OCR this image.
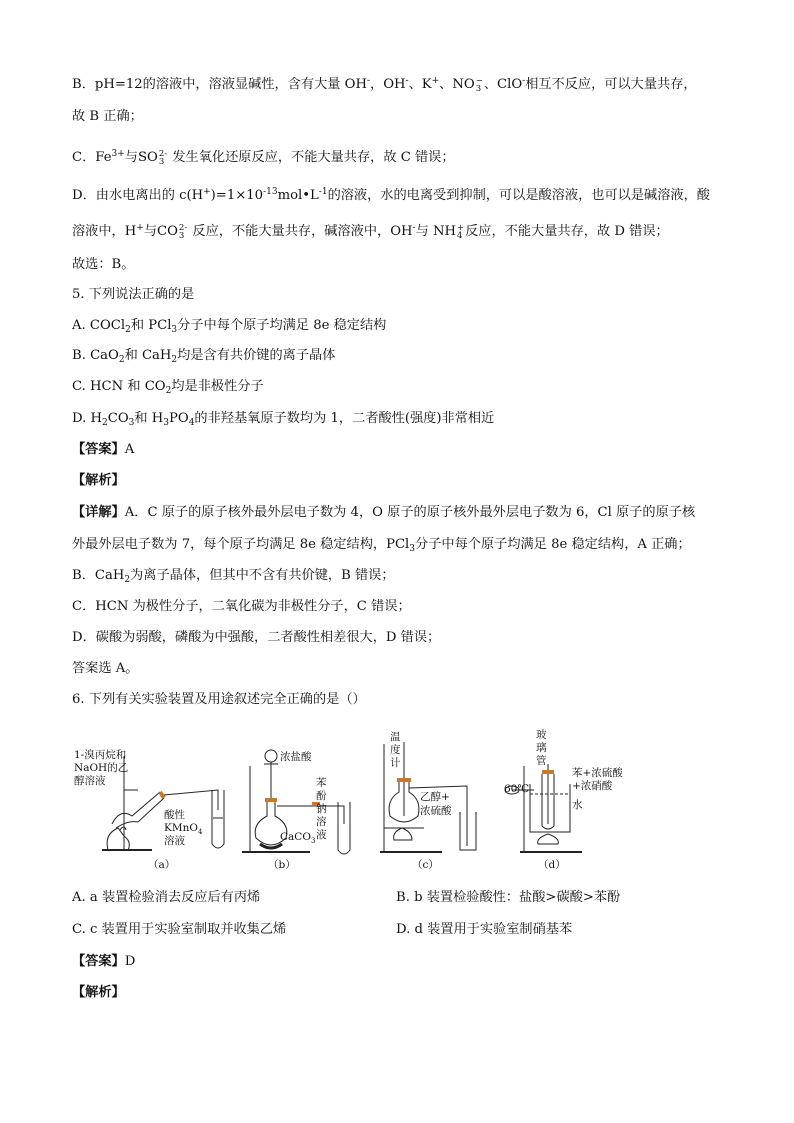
B．pH=12的溶液中，溶液显碱性，含有大量 OH-，OH-、K+、NO −
3 、ClO-相互不反应，可以大量共存，
故 B 正确；
C．$Fe^{3+}$与SO 2-
3 发生氧化还原反应，不能大量共存，故 C 错误；
D．由水电离出的 $c(H^+)=1\times 10^{-13}mol•L^{-1}$的溶液，水的电离受到抑制，可以是酸溶液，也可以是碱溶液，酸
溶液中，H+与CO 2-
3 反应，不能大量共存，碱溶液中，OH-与 NH +
4 反应，不能大量共存，故 D 错误；
故选：B。
5. 下列说法正确的是
A. COCl$_2$和 PCl$_3$分子中每个原子均满足 8e 稳定结构
B. CaO$_2$和 CaH$_2$均是含有共价键的离子晶体
C. HCN 和 $CO_2$均是非极性分子
D. $H_2CO_3$和 $H_3PO_4$的非羟基氧原子数均为 1，二者酸性(强度)非常相近
【答案】A
【解析】
【详解】A．C 原子的原子核外最外层电子数为 4，O 原子的原子核外最外层电子数为 6，Cl 原子的原子核
外最外层电子数为 7，每个原子均满足 8e 稳定结构，PCl$_3$分子中每个原子均满足 8e 稳定结构，A 正确；
B．CaH$_2$为离子晶体，但其中不含有共价键，B 错误；
C．HCN 为极性分子，二氧化碳为非极性分子，C 错误；
D．碳酸为弱酸，磷酸为中强酸，二者酸性相差很大，D 错误；
答案选 A。
6. 下列有关实验装置及用途叙述完全正确的是（）
1-溴丙烷和
NaOH的乙
醇溶液
酸性
KMnO$_4$
溶液
（a）
浓盐酸
CaCO$_3$
苯
酚
钠
溶
液
（b）
温
度
计
乙醇+
浓硫酸
（c）
玻
璃
管
苯+浓硫酸
+浓硝酸
水
60℃
（d）
A. a 装置检验消去反应后有丙烯	B. b 装置检验酸性：盐酸>碳酸>苯酚
C. c 装置用于实验室制取并收集乙烯	D. d 装置用于实验室制硝基苯
【答案】D
【解析】
